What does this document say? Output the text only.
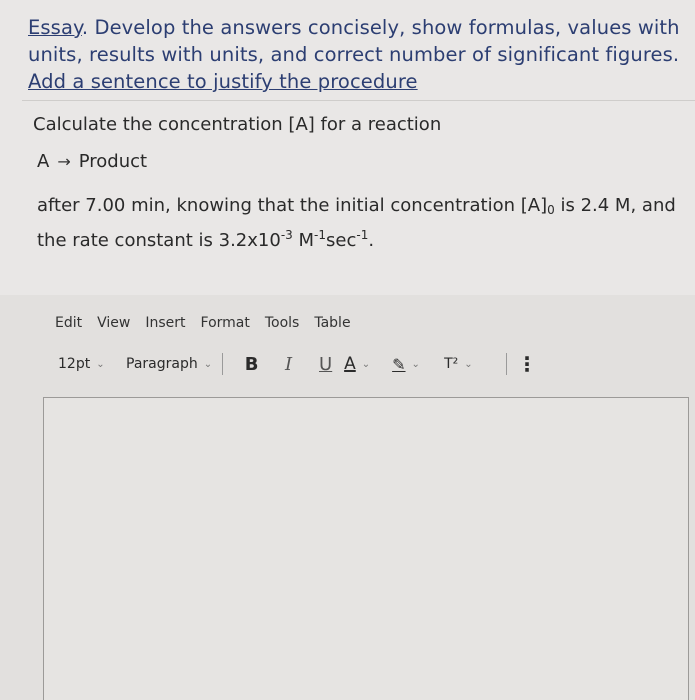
Essay. Develop the answers concisely, show formulas, values with units, results with units, and correct number of significant figures. Add a sentence to justify the procedure
Calculate the concentration [A] for a reaction
A → Product
after 7.00 min, knowing that the initial concentration $[A]_0$ is 2.4 M, and the rate constant is $3.2x10^{-3}$ $M^{-1}\sec^{-1}$.
Edit View Insert Format Tools Table
12pt ⌄ Paragraph ⌄	B	I	U A ⌄ ✎ ⌄ T² ⌄ ⋮
